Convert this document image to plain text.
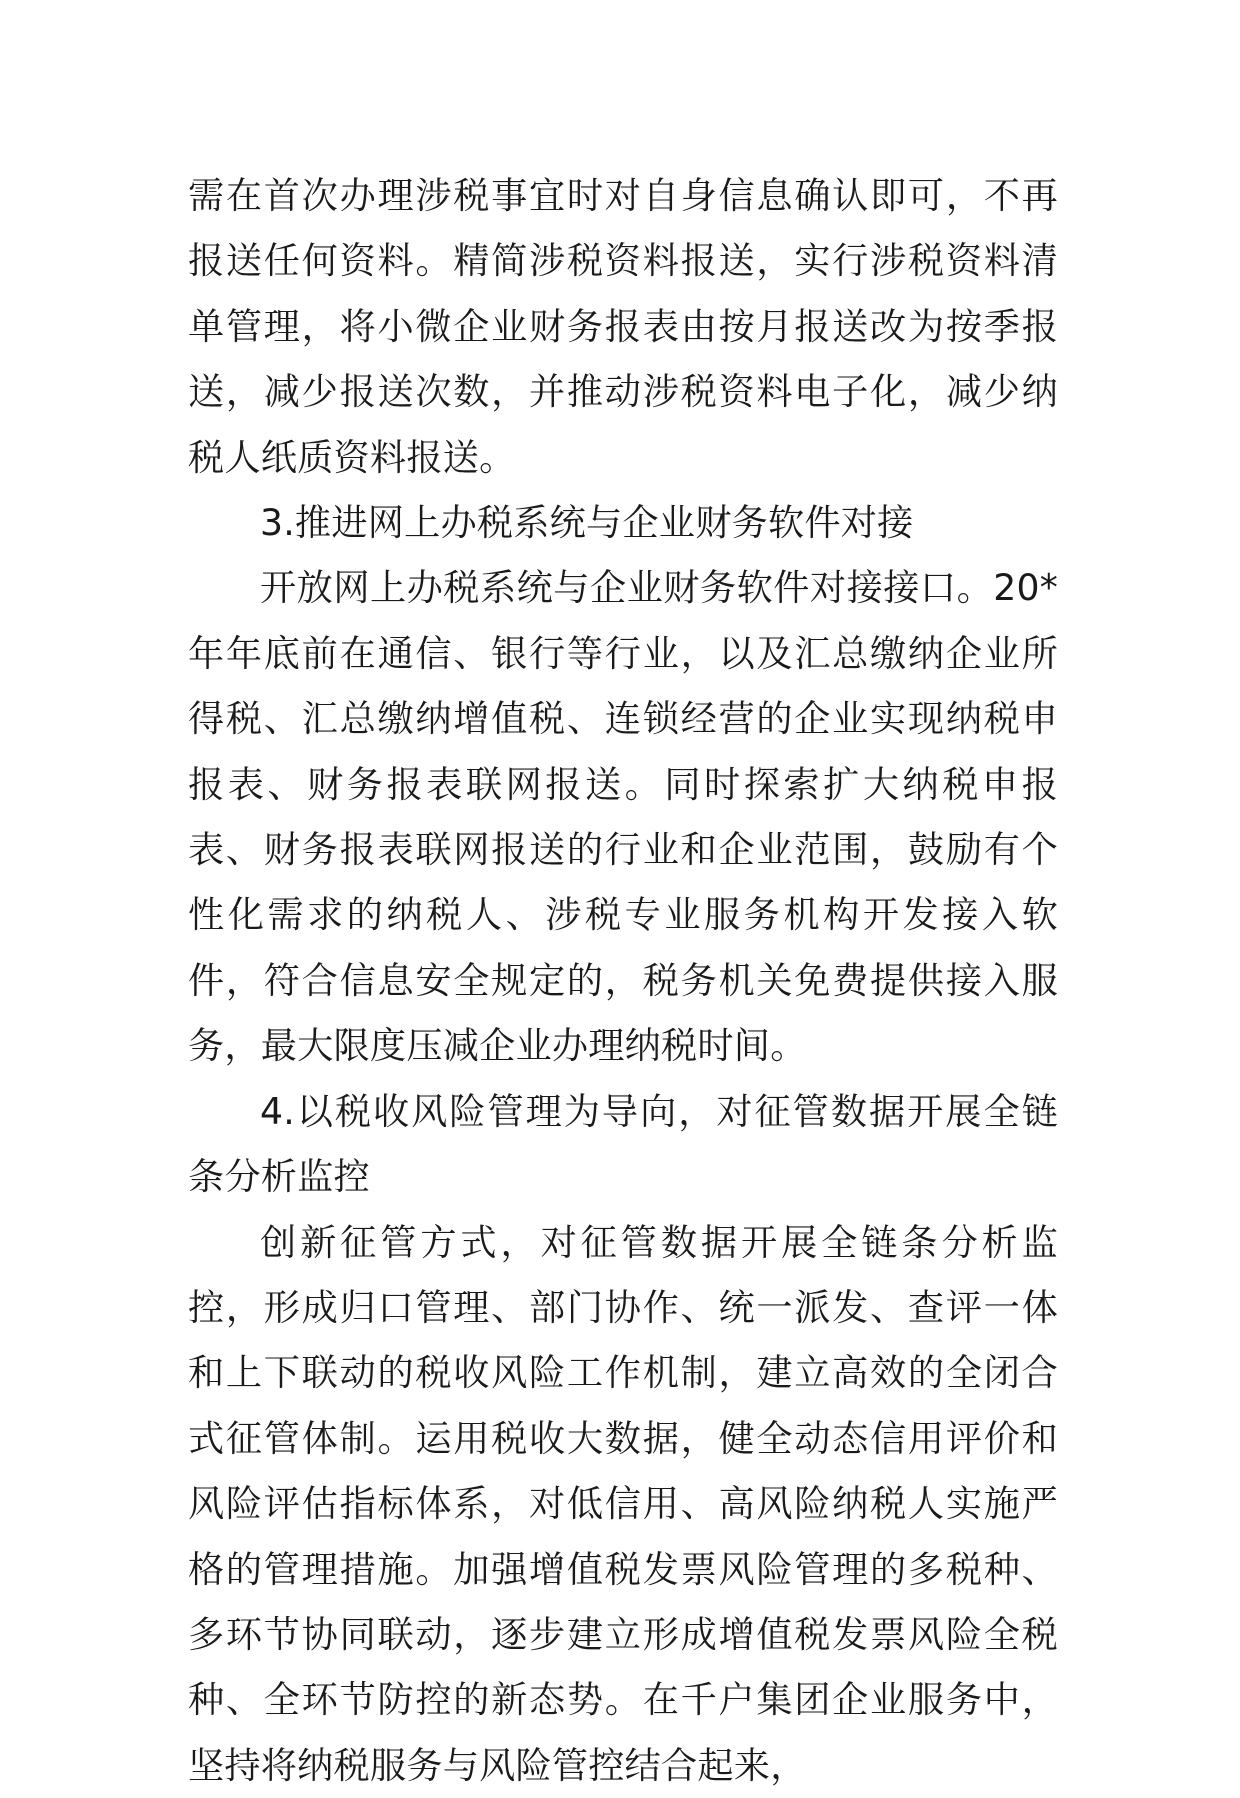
需在首次办理涉税事宜时对自身信息确认即可，不再报送任何资料。精简涉税资料报送，实行涉税资料清单管理，将小微企业财务报表由按月报送改为按季报送，减少报送次数，并推动涉税资料电子化，减少纳税人纸质资料报送。

3.推进网上办税系统与企业财务软件对接

开放网上办税系统与企业财务软件对接接口。20*年年底前在通信、银行等行业，以及汇总缴纳企业所得税、汇总缴纳增值税、连锁经营的企业实现纳税申报表、财务报表联网报送。同时探索扩大纳税申报表、财务报表联网报送的行业和企业范围，鼓励有个性化需求的纳税人、涉税专业服务机构开发接入软件，符合信息安全规定的，税务机关免费提供接入服务，最大限度压减企业办理纳税时间。

4.以税收风险管理为导向，对征管数据开展全链条分析监控

创新征管方式，对征管数据开展全链条分析监控，形成归口管理、部门协作、统一派发、查评一体和上下联动的税收风险工作机制，建立高效的全闭合式征管体制。运用税收大数据，健全动态信用评价和风险评估指标体系，对低信用、高风险纳税人实施严格的管理措施。加强增值税发票风险管理的多税种、多环节协同联动，逐步建立形成增值税发票风险全税种、全环节防控的新态势。在千户集团企业服务中，坚持将纳税服务与风险管控结合起来，
